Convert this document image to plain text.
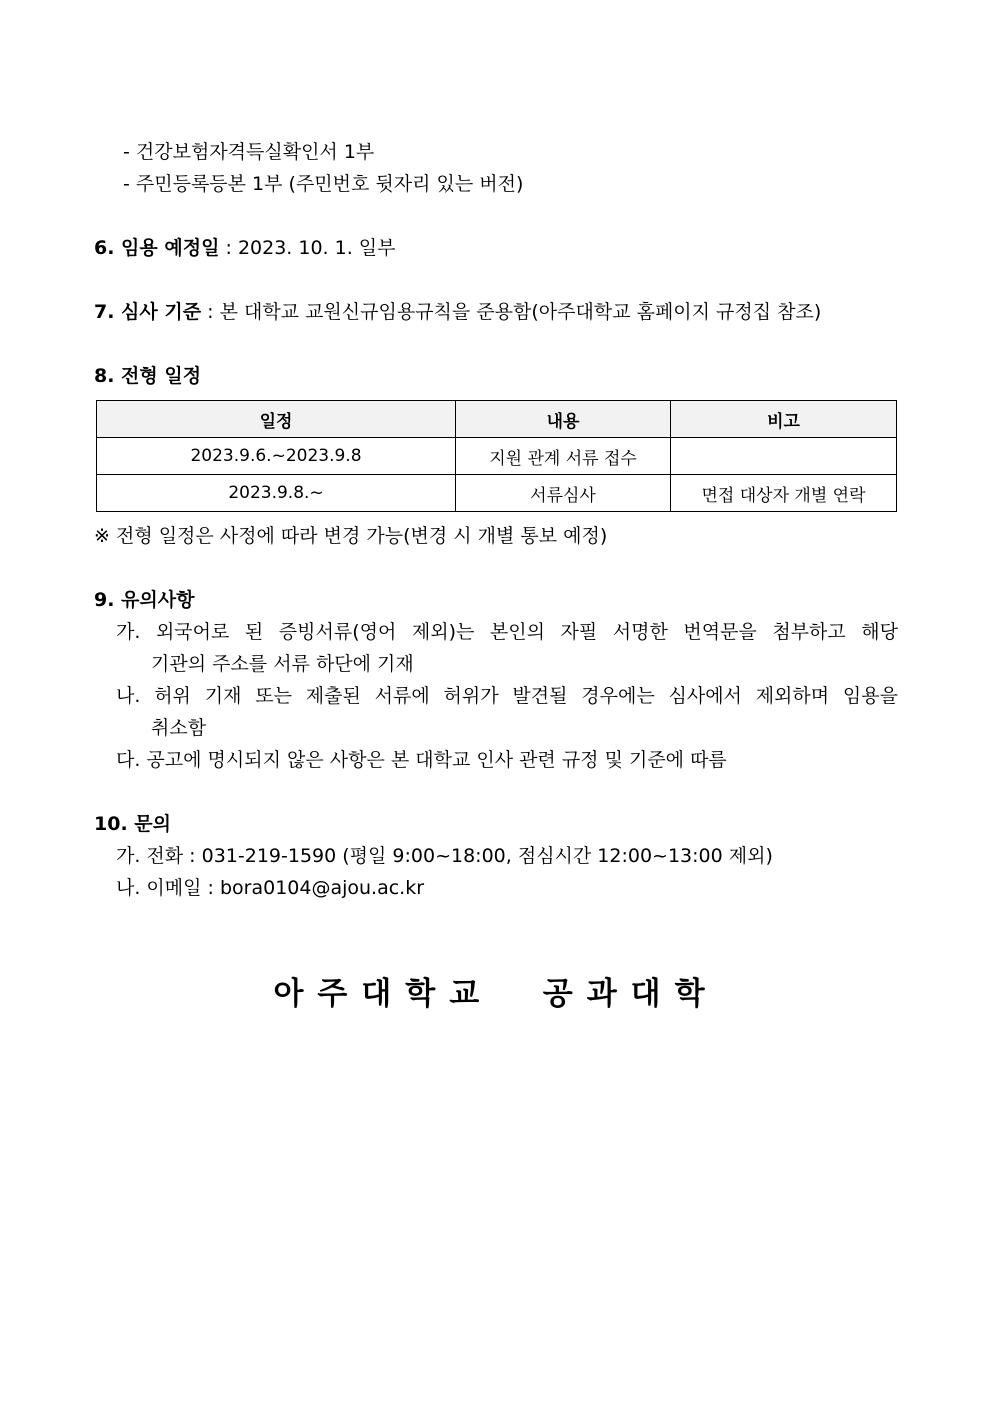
- 건강보험자격득실확인서 1부
- 주민등록등본 1부 (주민번호 뒷자리 있는 버전)
6. 임용 예정일 : 2023. 10. 1. 일부
7. 심사 기준 : 본 대학교 교원신규임용규칙을 준용함(아주대학교 홈페이지 규정집 참조)
8. 전형 일정
일정	내용	비고
2023.9.6.~2023.9.8	지원 관계 서류 접수	
2023.9.8.~	서류심사	면접 대상자 개별 연락
※ 전형 일정은 사정에 따라 변경 가능(변경 시 개별 통보 예정)
9. 유의사항
가. 외국어로 된 증빙서류(영어 제외)는 본인의 자필 서명한 번역문을 첨부하고 해당
기관의 주소를 서류 하단에 기재
나. 허위 기재 또는 제출된 서류에 허위가 발견될 경우에는 심사에서 제외하며 임용을
취소함
다. 공고에 명시되지 않은 사항은 본 대학교 인사 관련 규정 및 기준에 따름
10. 문의
가. 전화 : 031-219-1590 (평일 9:00~18:00, 점심시간 12:00~13:00 제외)
나. 이메일 : bora0104@ajou.ac.kr
아주대학교  공과대학
